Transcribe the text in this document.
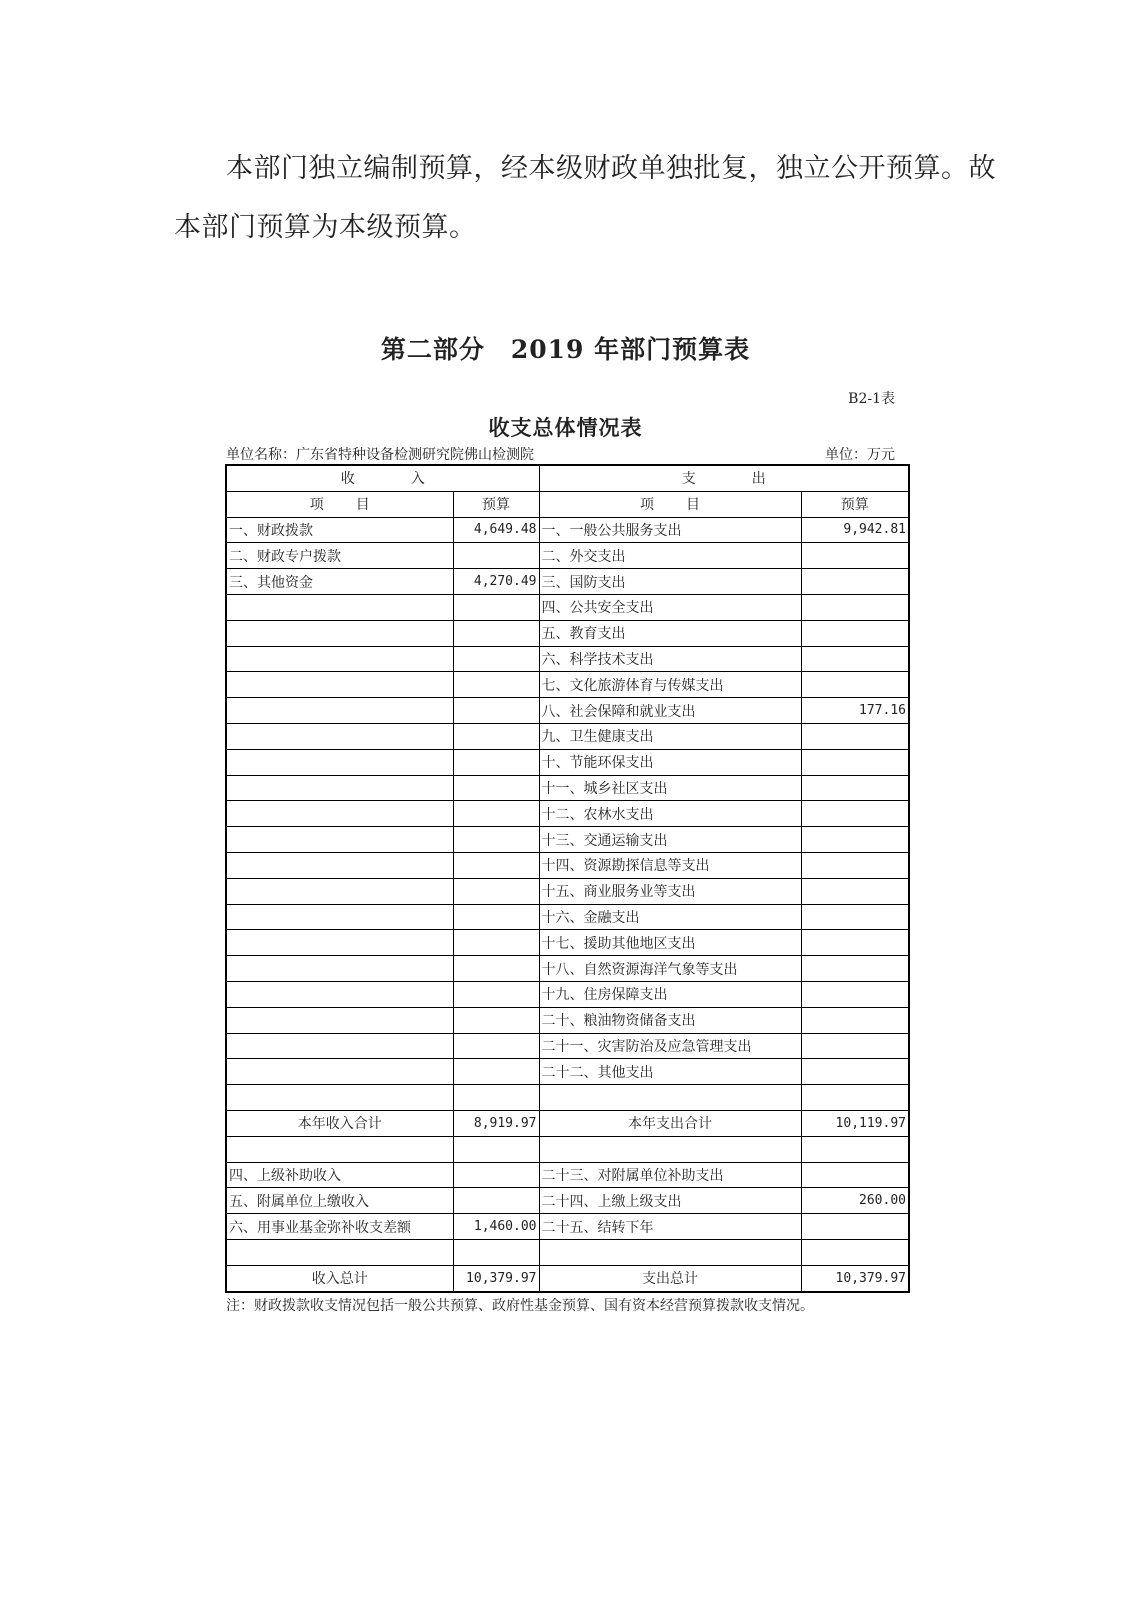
本部门独立编制预算，经本级财政单独批复，独立公开预算。故
本部门预算为本级预算。
第二部分　2019 年部门预算表
B2-1表
收支总体情况表
单位名称：广东省特种设备检测研究院佛山检测院	单位：万元
收入		支出	
项目	预算	项目	预算
一、财政拨款	4,649.48	一、一般公共服务支出	9,942.81
二、财政专户拨款		二、外交支出	
三、其他资金	4,270.49	三、国防支出	
		四、公共安全支出	
		五、教育支出	
		六、科学技术支出	
		七、文化旅游体育与传媒支出	
		八、社会保障和就业支出	177.16
		九、卫生健康支出	
		十、节能环保支出	
		十一、城乡社区支出	
		十二、农林水支出	
		十三、交通运输支出	
		十四、资源勘探信息等支出	
		十五、商业服务业等支出	
		十六、金融支出	
		十七、援助其他地区支出	
		十八、自然资源海洋气象等支出	
		十九、住房保障支出	
		二十、粮油物资储备支出	
		二十一、灾害防治及应急管理支出	
		二十二、其他支出	

本年收入合计	8,919.97	本年支出合计	10,119.97

四、上级补助收入		二十三、对附属单位补助支出	
五、附属单位上缴收入		二十四、上缴上级支出	260.00
六、用事业基金弥补收支差额	1,460.00	二十五、结转下年	

收入总计	10,379.97	支出总计	10,379.97
注：财政拨款收支情况包括一般公共预算、政府性基金预算、国有资本经营预算拨款收支情况。
